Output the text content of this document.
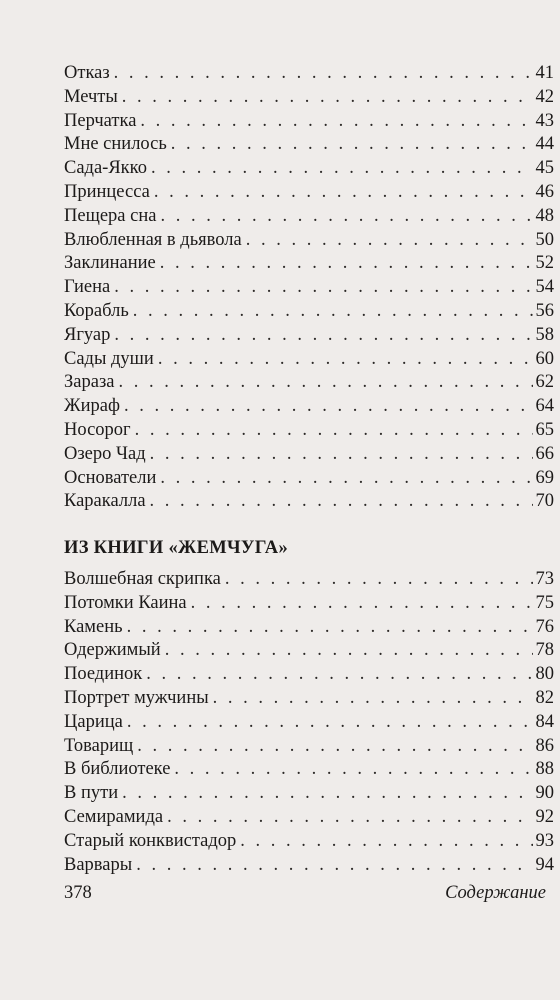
Отказ . . .	41
Мечты . . .	42
Перчатка . . .	43
Мне снилось . . .	44
Сада-Якко . . .	45
Принцесса . . .	46
Пещера сна . . .	48
Влюбленная в дьявола . . .	50
Заклинание . . .	52
Гиена . . .	54
Корабль . . .	56
Ягуар . . .	58
Сады души . . .	60
Зараза . . .	62
Жираф . . .	64
Носорог . . .	65
Озеро Чад . . .	66
Основатели . . .	69
Каракалла . . .	70
ИЗ КНИГИ «ЖЕМЧУГА»
Волшебная скрипка . . .	73
Потомки Каина . . .	75
Камень . . .	76
Одержимый . . .	78
Поединок . . .	80
Портрет мужчины . . .	82
Царица . . .	84
Товарищ . . .	86
В библиотеке . . .	88
В пути . . .	90
Семирамида . . .	92
Старый конквистадор . . .	93
Варвары . . .	94
378	Содержание
